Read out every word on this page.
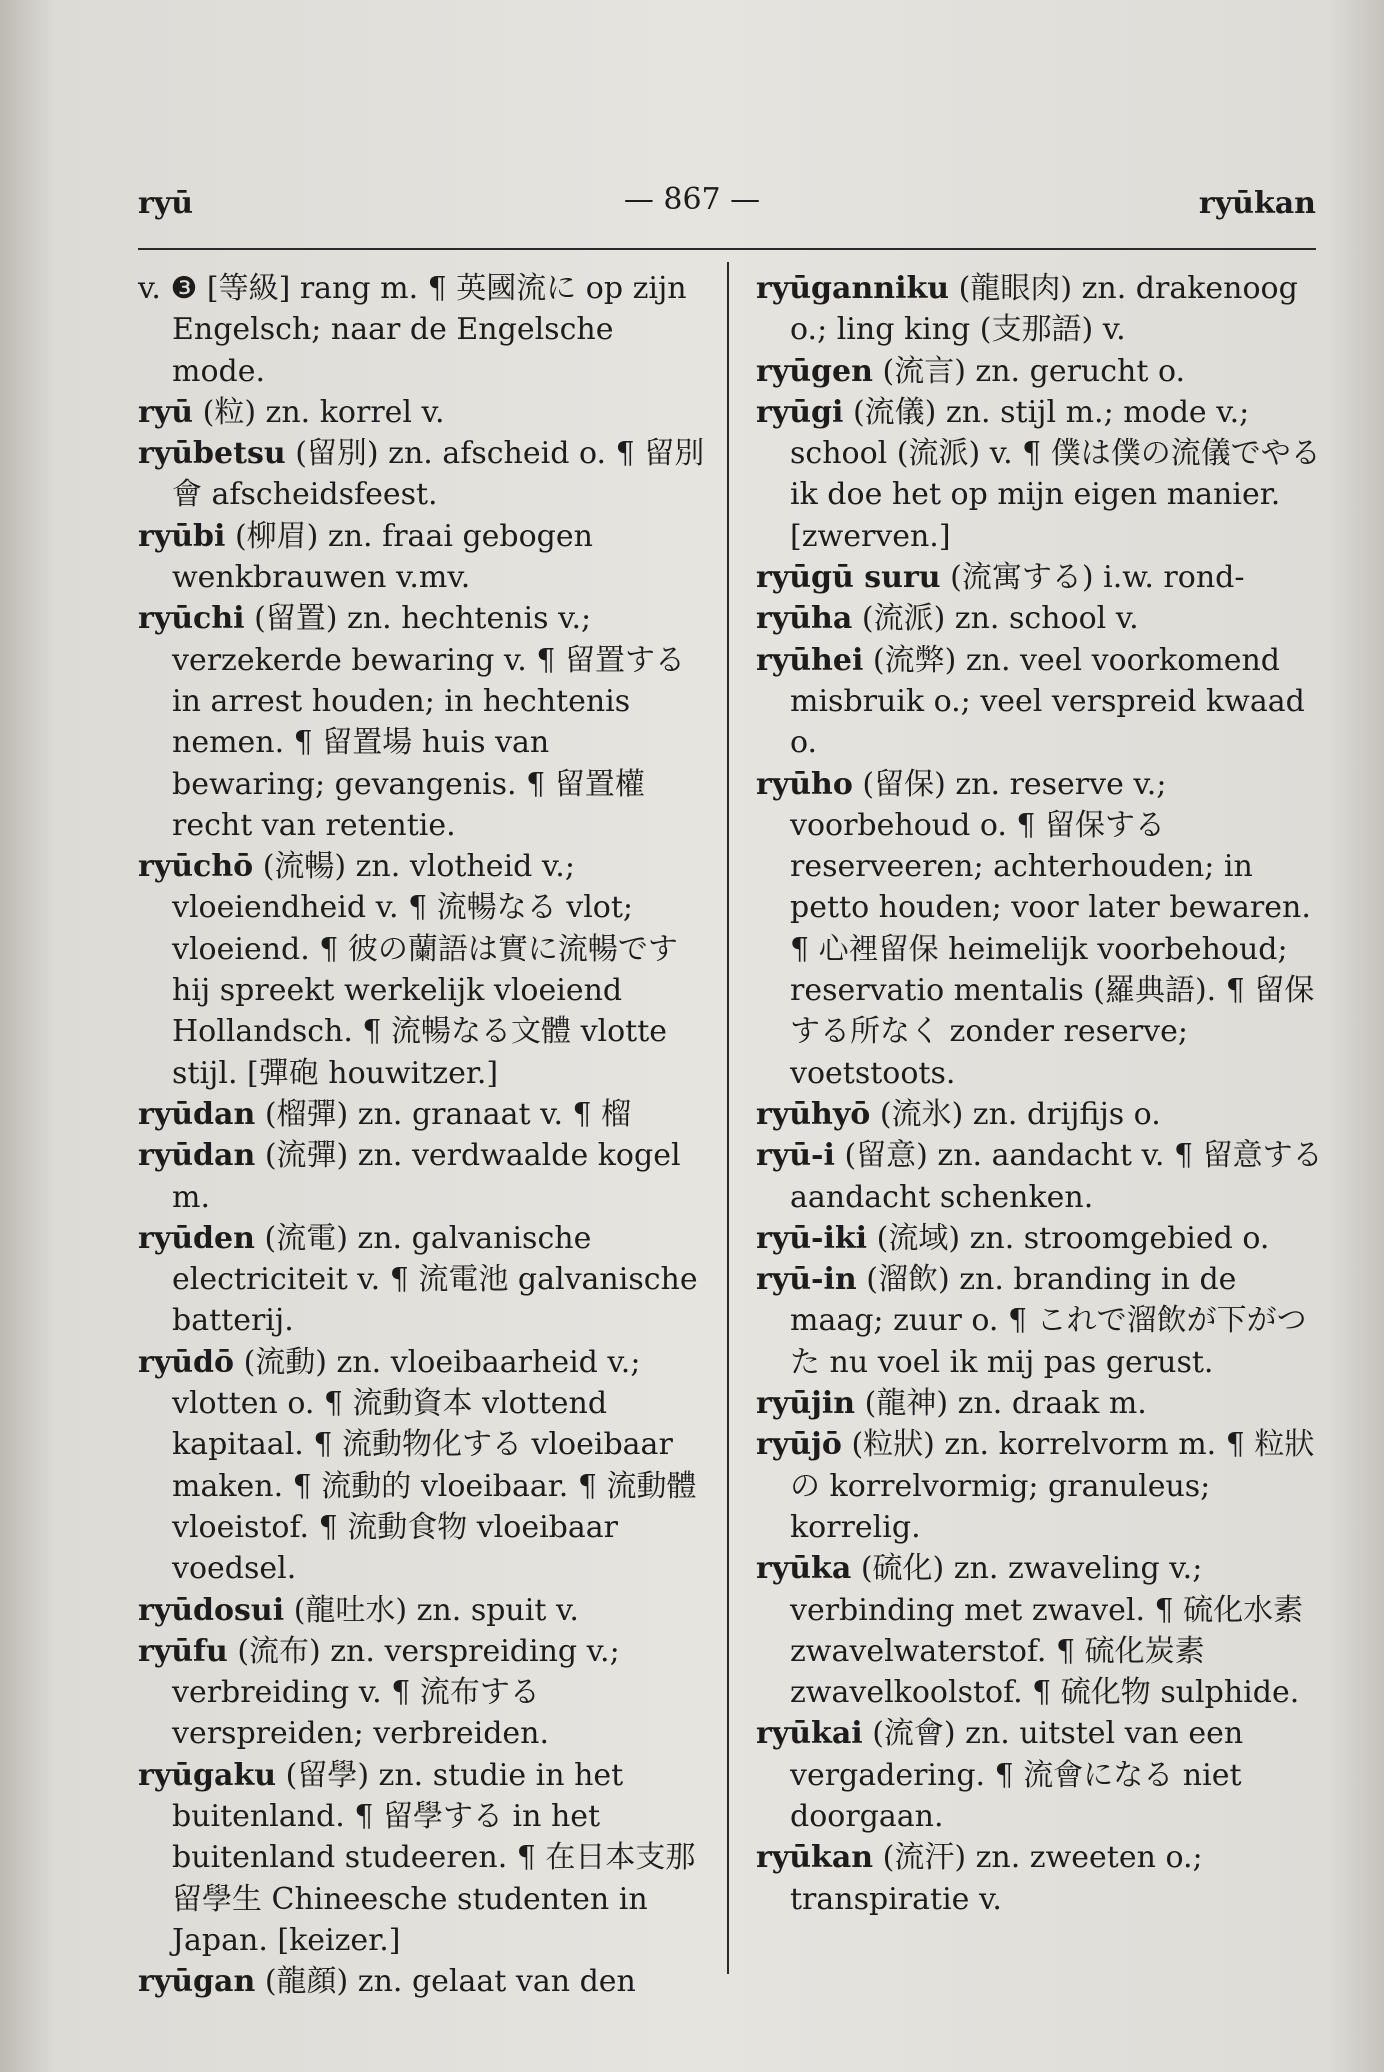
ryū	— 867 —	ryūkan
v. ❸ [等級] rang m. ¶ 英國流に op zijn Engelsch; naar de Engelsche mode.
ryū (粒) zn. korrel v.
ryūbetsu (留別) zn. afscheid o. ¶ 留別會 afscheidsfeest.
ryūbi (柳眉) zn. fraai gebogen wenkbrauwen v.mv.
ryūchi (留置) zn. hechtenis v.; verzekerde bewaring v. ¶ 留置する in arrest houden; in hechtenis nemen. ¶ 留置場 huis van bewaring; gevangenis. ¶ 留置權 recht van retentie.
ryūchō (流暢) zn. vlotheid v.; vloeiendheid v. ¶ 流暢なる vlot; vloeiend. ¶ 彼の蘭語は實に流暢です hij spreekt werkelijk vloeiend Hollandsch. ¶ 流暢なる文體 vlotte stijl. [彈砲 houwitzer.]
ryūdan (榴彈) zn. granaat v. ¶ 榴
ryūdan (流彈) zn. verdwaalde kogel m.
ryūden (流電) zn. galvanische electriciteit v. ¶ 流電池 galvanische batterij.
ryūdō (流動) zn. vloeibaarheid v.; vlotten o. ¶ 流動資本 vlottend kapitaal. ¶ 流動物化する vloeibaar maken. ¶ 流動的 vloeibaar. ¶ 流動體 vloeistof. ¶ 流動食物 vloeibaar voedsel.
ryūdosui (龍吐水) zn. spuit v.
ryūfu (流布) zn. verspreiding v.; verbreiding v. ¶ 流布する verspreiden; verbreiden.
ryūgaku (留學) zn. studie in het buitenland. ¶ 留學する in het buitenland studeeren. ¶ 在日本支那留學生 Chineesche studenten in Japan. [keizer.]
ryūgan (龍顔) zn. gelaat van den
ryūganniku (龍眼肉) zn. drakenoog o.; ling king (支那語) v.
ryūgen (流言) zn. gerucht o.
ryūgi (流儀) zn. stijl m.; mode v.; school (流派) v. ¶ 僕は僕の流儀でやる ik doe het op mijn eigen manier. [zwerven.]
ryūgū suru (流寓する) i.w. rond-
ryūha (流派) zn. school v.
ryūhei (流弊) zn. veel voorkomend misbruik o.; veel verspreid kwaad o.
ryūho (留保) zn. reserve v.; voorbehoud o. ¶ 留保する reserveeren; achterhouden; in petto houden; voor later bewaren. ¶ 心裡留保 heimelijk voorbehoud; reservatio mentalis (羅典語). ¶ 留保する所なく zonder reserve; voetstoots.
ryūhyō (流氷) zn. drijfijs o.
ryū-i (留意) zn. aandacht v. ¶ 留意する aandacht schenken.
ryū-iki (流域) zn. stroomgebied o.
ryū-in (溜飲) zn. branding in de maag; zuur o. ¶ これで溜飲が下がつた nu voel ik mij pas gerust.
ryūjin (龍神) zn. draak m.
ryūjō (粒狀) zn. korrelvorm m. ¶ 粒狀の korrelvormig; granuleus; korrelig.
ryūka (硫化) zn. zwaveling v.; verbinding met zwavel. ¶ 硫化水素 zwavelwaterstof. ¶ 硫化炭素 zwavelkoolstof. ¶ 硫化物 sulphide.
ryūkai (流會) zn. uitstel van een vergadering. ¶ 流會になる niet doorgaan.
ryūkan (流汗) zn. zweeten o.; transpiratie v.
